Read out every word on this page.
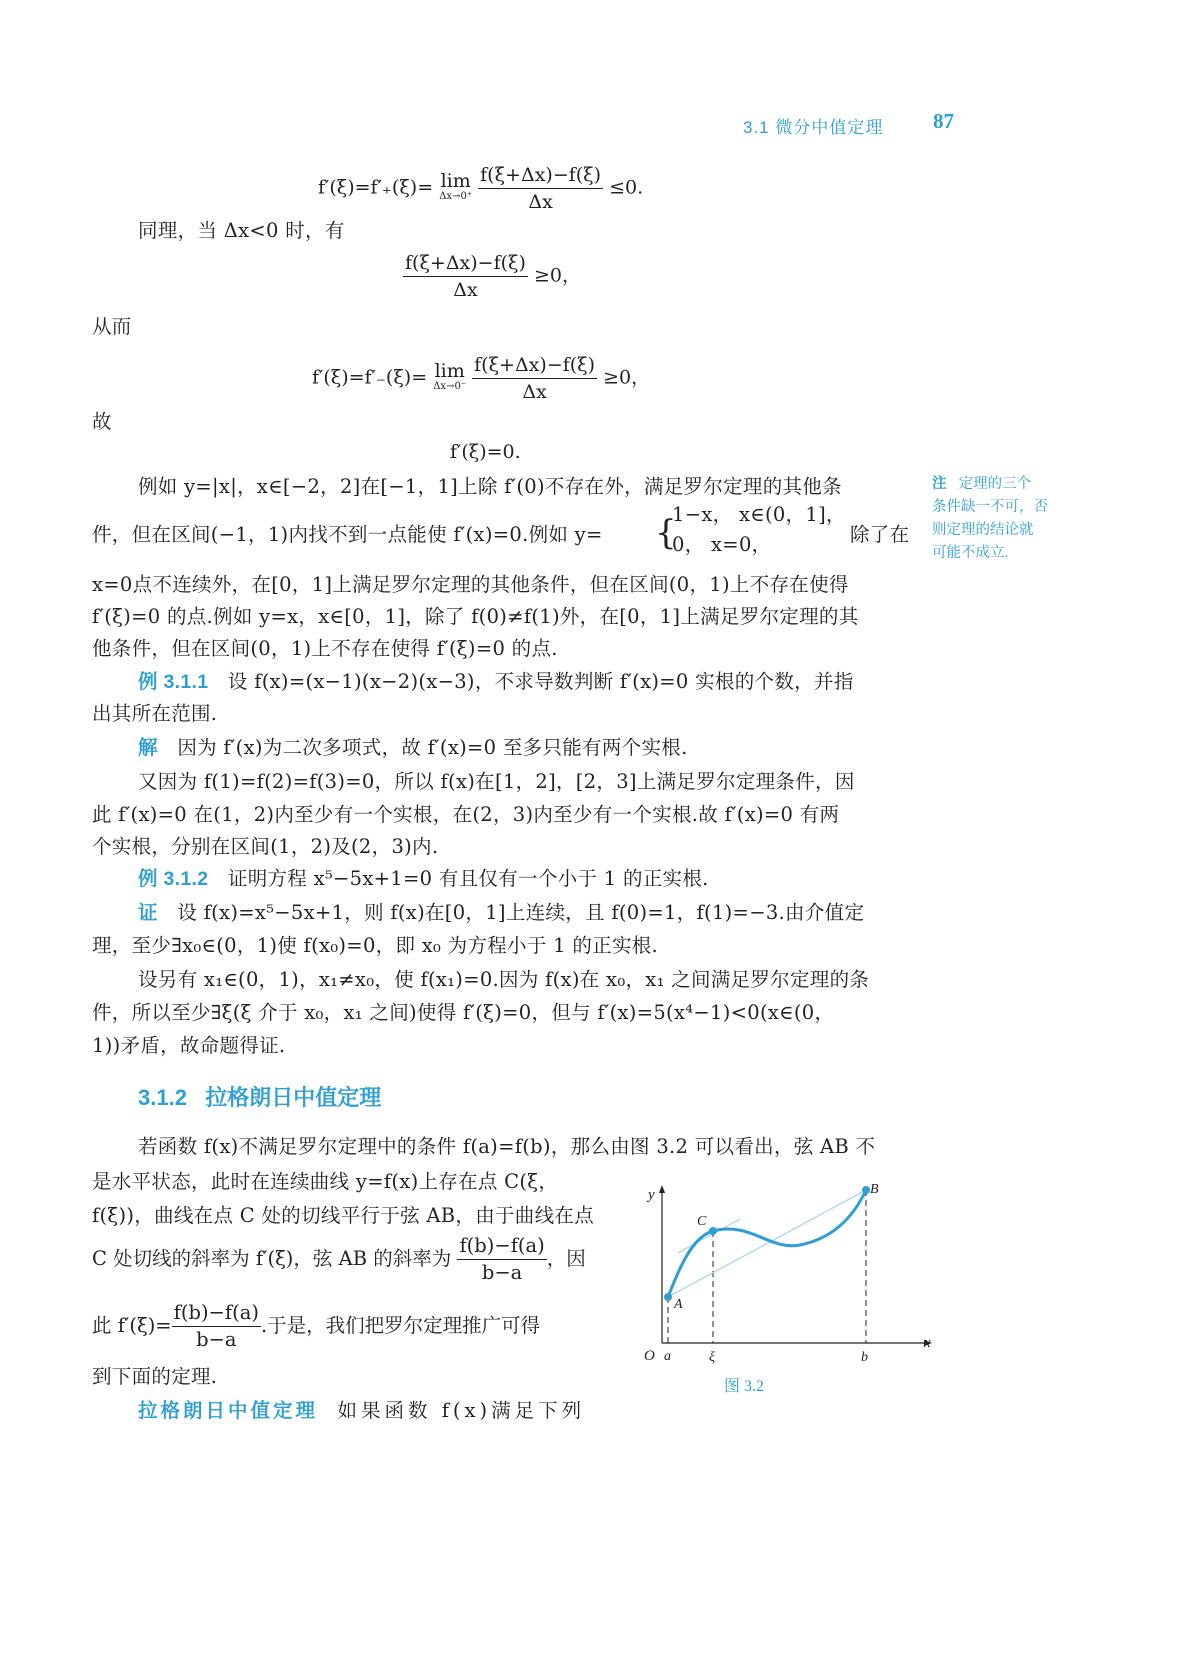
3.1 微分中值定理 87
f′(ξ)=f′₊(ξ)= lim
Δx→0⁺
$\frac{f(\xi+\Delta x)-f(\xi)}{\Delta x} \le 0$.
同理，当 Δx<0 时，有
$\frac{f(\xi+\Delta x)-f(\xi)}{\Delta x} \ge 0$，
从而
f′(ξ)=f′₋(ξ)= lim
Δx→0⁻
$\frac{f(\xi+\Delta x)-f(\xi)}{\Delta x} \ge 0$，
故
f′(ξ)=0.
例如 y=|x|，x∈[−2，2]在[−1，1]上除 f′(0)不存在外，满足罗尔定理的其他条
件，但在区间(−1，1)内找不到一点能使 f′(x)=0.例如 y= {
1−x， x∈(0，1]，
0， x=0，	除了在
x=0点不连续外，在[0，1]上满足罗尔定理的其他条件，但在区间(0，1)上不存在使得
f′(ξ)=0 的点.例如 y=x，x∈[0，1]，除了 f(0)≠f(1)外，在[0，1]上满足罗尔定理的其
他条件，但在区间(0，1)上不存在使得 f′(ξ)=0 的点.
注 定理的三个
条件缺一不可，否
则定理的结论就
可能不成立.
例 3.1.1 设 f(x)=(x−1)(x−2)(x−3)，不求导数判断 f′(x)=0 实根的个数，并指
出其所在范围.
解 因为 f′(x)为二次多项式，故 f′(x)=0 至多只能有两个实根.
又因为 f(1)=f(2)=f(3)=0，所以 f(x)在[1，2]，[2，3]上满足罗尔定理条件，因
此 f′(x)=0 在(1，2)内至少有一个实根，在(2，3)内至少有一个实根.故 f′(x)=0 有两
个实根，分别在区间(1，2)及(2，3)内.
例 3.1.2 证明方程 x⁵−5x+1=0 有且仅有一个小于 1 的正实根.
证 设 f(x)=x⁵−5x+1，则 f(x)在[0，1]上连续，且 f(0)=1，f(1)=−3.由介值定
理，至少∃x₀∈(0，1)使 f(x₀)=0，即 x₀ 为方程小于 1 的正实根.
设另有 x₁∈(0，1)，x₁≠x₀，使 f(x₁)=0.因为 f(x)在 x₀，x₁ 之间满足罗尔定理的条
件，所以至少∃ξ(ξ 介于 x₀，x₁ 之间)使得 f′(ξ)=0，但与 f′(x)=5(x⁴−1)<0(x∈(0，
1))矛盾，故命题得证.
3.1.2 拉格朗日中值定理
若函数 f(x)不满足罗尔定理中的条件 f(a)=f(b)，那么由图 3.2 可以看出，弦 AB 不
是水平状态，此时在连续曲线 y=f(x)上存在点 C(ξ，
f(ξ))，曲线在点 C 处的切线平行于弦 AB，由于曲线在点
C 处切线的斜率为 f′(ξ)，弦 AB 的斜率为 $\frac{f(b)-f(a)}{b-a}$ ，因
此 $f'(\xi)= \frac{f(b)-f(a)}{b-a}$ .于是，我们把罗尔定理推广可得
到下面的定理.
拉格朗日中值定理 如果函数 f(x)满足下列
y
x
O
A
B
C
a	ξ	b
图 3.2
